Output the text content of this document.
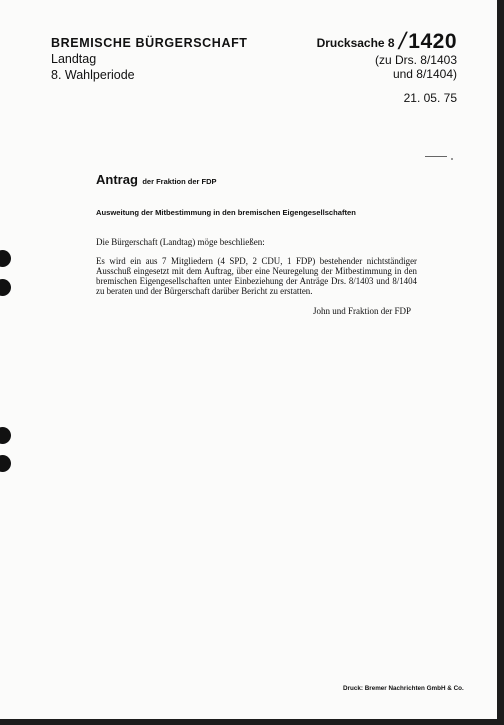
BREMISCHE BÜRGERSCHAFT
Landtag
8. Wahlperiode
Drucksache 8 / 1420
(zu Drs. 8/1403
und 8/1404)
21. 05. 75
Antrag der Fraktion der FDP
Ausweitung der Mitbestimmung in den bremischen Eigengesellschaften
Die Bürgerschaft (Landtag) möge beschließen:
Es wird ein aus 7 Mitgliedern (4 SPD, 2 CDU, 1 FDP) bestehender nichtständiger Ausschuß eingesetzt mit dem Auftrag, über eine Neuregelung der Mitbestimmung in den bremischen Eigengesellschaften unter Einbeziehung der Anträge Drs. 8/1403 und 8/1404 zu beraten und der Bürgerschaft darüber Bericht zu erstatten.
John und Fraktion der FDP
Druck: Bremer Nachrichten GmbH & Co.
